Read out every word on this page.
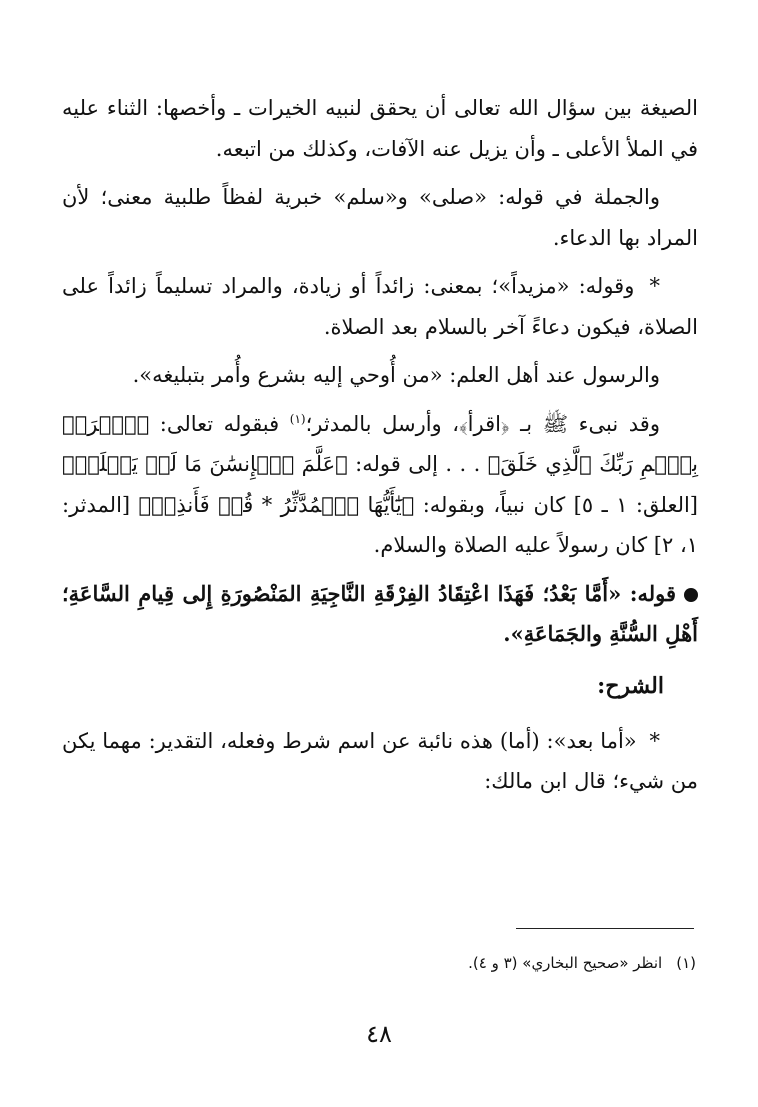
الصيغة بين سؤال الله تعالى أن يحقق لنبيه الخيرات ـ وأخصها: الثناء عليه في الملأ الأعلى ـ وأن يزيل عنه الآفات، وكذلك من اتبعه.

والجملة في قوله: «صلى» و«سلم» خبرية لفظاً طلبية معنى؛ لأن المراد بها الدعاء.

* وقوله: «مزيداً»؛ بمعنى: زائداً أو زيادة، والمراد تسليماً زائداً على الصلاة، فيكون دعاءً آخر بالسلام بعد الصلاة.

والرسول عند أهل العلم: «من أُوحي إليه بشرع وأُمر بتبليغه».

وقد نبىء ﷺ بـ ﴿اقرأ﴾، وأرسل بالمدثر؛$^{(١)}$ فبقوله تعالى: ﴿ٱقۡرَأۡ بِٱسۡمِ رَبِّكَ ٱلَّذِي خَلَقَ﴾ . . . إلى قوله: ﴿عَلَّمَ ٱلۡإِنسَٰنَ مَا لَمۡ يَعۡلَمۡ﴾ [العلق: ١ ـ ٥] كان نبياً، وبقوله: ﴿يَٰٓأَيُّهَا ٱلۡمُدَّثِّرُ * قُمۡ فَأَنذِرۡ﴾ [المدثر: ١، ٢] كان رسولاً عليه الصلاة والسلام.

قوله: «أَمَّا بَعْدُ؛ فَهَذَا اعْتِقَادُ الفِرْقَةِ النَّاجِيَةِ المَنْصُورَةِ إِلى قِيامِ السَّاعَةِ؛ أَهْلِ السُّنَّةِ والجَمَاعَةِ».

الشرح:

* «أما بعد»: (أما) هذه نائبة عن اسم شرط وفعله، التقدير: مهما يكن من شيء؛ قال ابن مالك:

(١)انظر «صحيح البخاري» (٣ و ٤).
٤٨
